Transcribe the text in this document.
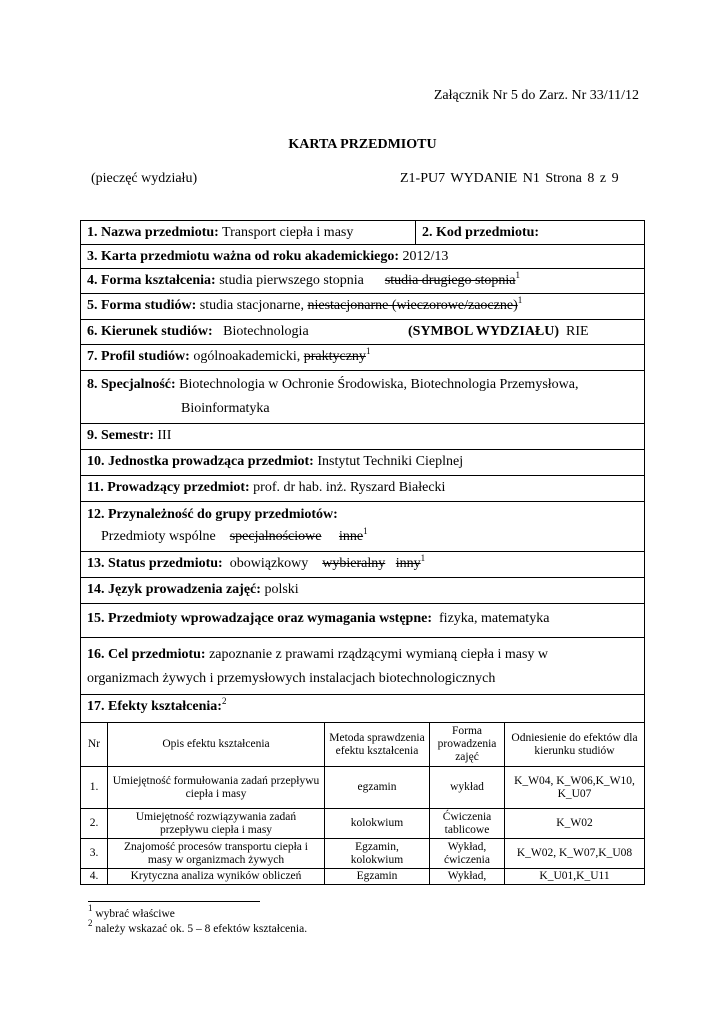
Załącznik Nr 5 do Zarz. Nr 33/11/12
KARTA PRZEDMIOTU
(pieczęć wydziału)	Z1-PU7 WYDANIE N1 Strona 8 z 9
1. Nazwa przedmiotu: Transport ciepła i masy	2. Kod przedmiotu:
3. Karta przedmiotu ważna od roku akademickiego: 2012/13
4. Forma kształcenia: studia pierwszego stopnia      studia drugiego stopnia$^1$
5. Forma studiów: studia stacjonarne, niestacjonarne (wieczorowe/zaoczne)$^1$
6. Kierunek studiów:   Biotechnologia	(SYMBOL WYDZIAŁU)  RIE
7. Profil studiów: ogólnoakademicki, praktyczny$^1$
8. Specjalność: Biotechnologia w Ochronie Środowiska, Biotechnologia Przemysłowa,
Bioinformatyka
9. Semestr: III
10. Jednostka prowadząca przedmiot: Instytut Techniki Cieplnej
11. Prowadzący przedmiot: prof. dr hab. inż. Ryszard Białecki
12. Przynależność do grupy przedmiotów:
Przedmioty wspólne    specjalnościowe inne$^1$
13. Status przedmiotu:  obowiązkowy    wybieralny inny$^1$
14. Język prowadzenia zajęć: polski
15. Przedmioty wprowadzające oraz wymagania wstępne:  fizyka, matematyka
16. Cel przedmiotu: zapoznanie z prawami rządzącymi wymianą ciepła i masy w
organizmach żywych i przemysłowych instalacjach biotechnologicznych
17. Efekty kształcenia:$^2$
Nr	Opis efektu kształcenia	Metoda sprawdzenia efektu kształcenia	Forma prowadzenia zajęć	Odniesienie do efektów dla kierunku studiów
1.	Umiejętność formułowania zadań przepływu ciepła i masy	egzamin	wykład	K_W04, K_W06,K_W10, K_U07
2.	Umiejętność rozwiązywania zadań przepływu ciepła i masy	kolokwium	Ćwiczenia tablicowe	K_W02
3.	Znajomość procesów transportu ciepła i masy w organizmach żywych	Egzamin, kolokwium	Wykład, ćwiczenia	K_W02, K_W07,K_U08
4.	Krytyczna analiza wyników obliczeń	Egzamin	Wykład,	K_U01,K_U11
$^1$ wybrać właściwe
$^2$ należy wskazać ok. 5 – 8 efektów kształcenia.
